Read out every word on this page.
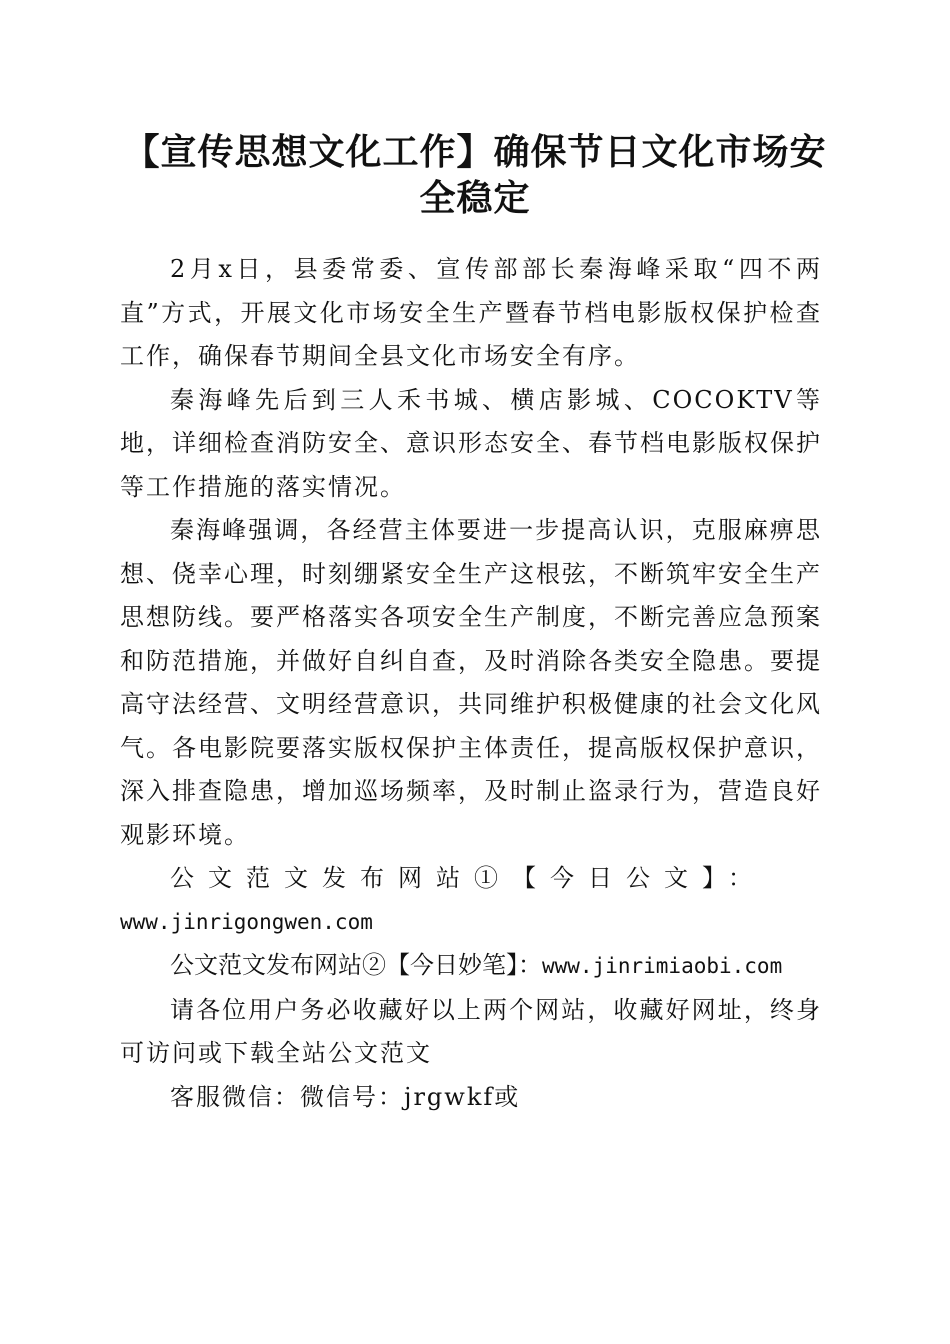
【宣传思想文化工作】确保节日文化市场安全稳定

2月x日，县委常委、宣传部部长秦海峰采取“四不两直”方式，开展文化市场安全生产暨春节档电影版权保护检查工作，确保春节期间全县文化市场安全有序。

秦海峰先后到三人禾书城、横店影城、COCOKTV等地，详细检查消防安全、意识形态安全、春节档电影版权保护等工作措施的落实情况。

秦海峰强调，各经营主体要进一步提高认识，克服麻痹思想、侥幸心理，时刻绷紧安全生产这根弦，不断筑牢安全生产思想防线。要严格落实各项安全生产制度，不断完善应急预案和防范措施，并做好自纠自查，及时消除各类安全隐患。要提高守法经营、文明经营意识，共同维护积极健康的社会文化风气。各电影院要落实版权保护主体责任，提高版权保护意识，深入排查隐患，增加巡场频率，及时制止盗录行为，营造良好观影环境。

公文范文发布网站①【今日公文】：
www.jinrigongwen.com

公文范文发布网站②【今日妙笔】：www.jinrimiaobi.com

请各位用户务必收藏好以上两个网站，收藏好网址，终身可访问或下载全站公文范文

客服微信：微信号：jrgwkf或
